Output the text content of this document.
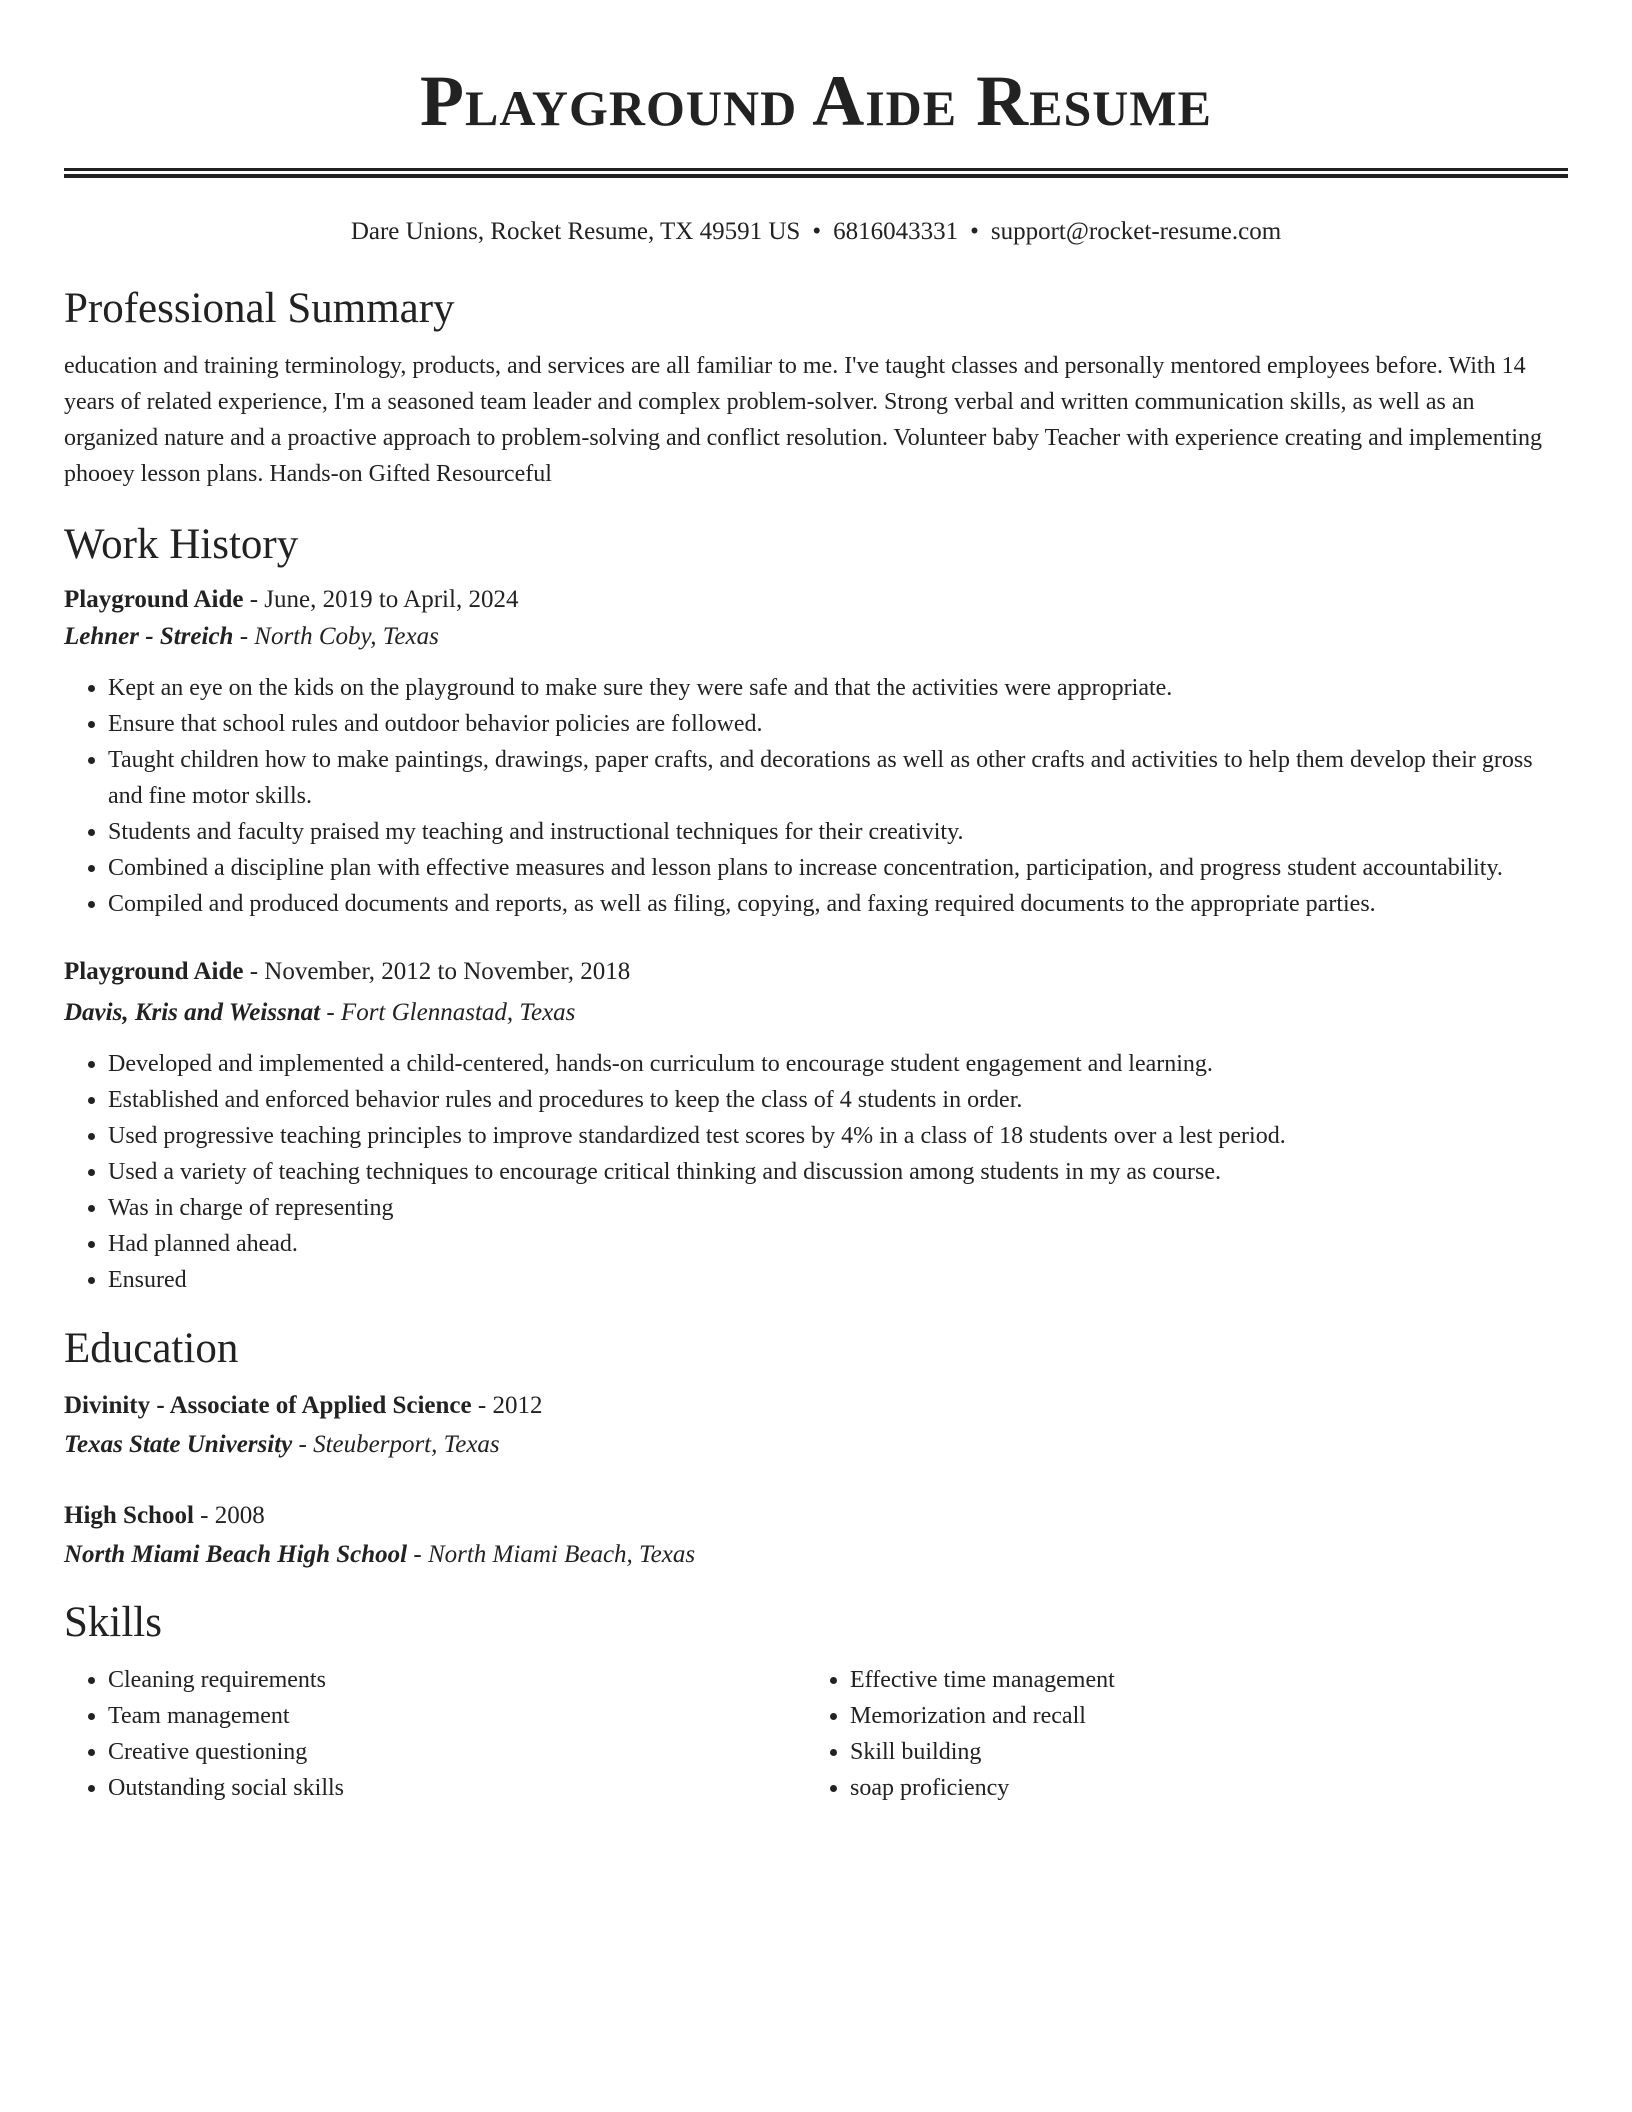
Playground Aide Resume
Dare Unions, Rocket Resume, TX 49591 US • 6816043331 • support@rocket-resume.com
Professional Summary

education and training terminology, products, and services are all familiar to me. I've taught classes and personally mentored employees before. With 14 years of related experience, I'm a seasoned team leader and complex problem-solver. Strong verbal and written communication skills, as well as an organized nature and a proactive approach to problem-solving and conflict resolution. Volunteer baby Teacher with experience creating and implementing phooey lesson plans. Hands-on Gifted Resourceful

Work History
Playground Aide - June, 2019 to April, 2024
Lehner - Streich - North Coby, Texas
• Kept an eye on the kids on the playground to make sure they were safe and that the activities were appropriate.
• Ensure that school rules and outdoor behavior policies are followed.
• Taught children how to make paintings, drawings, paper crafts, and decorations as well as other crafts and activities to help them develop their gross and fine motor skills.
• Students and faculty praised my teaching and instructional techniques for their creativity.
• Combined a discipline plan with effective measures and lesson plans to increase concentration, participation, and progress student accountability.
• Compiled and produced documents and reports, as well as filing, copying, and faxing required documents to the appropriate parties.
Playground Aide - November, 2012 to November, 2018
Davis, Kris and Weissnat - Fort Glennastad, Texas
• Developed and implemented a child-centered, hands-on curriculum to encourage student engagement and learning.
• Established and enforced behavior rules and procedures to keep the class of 4 students in order.
• Used progressive teaching principles to improve standardized test scores by 4% in a class of 18 students over a lest period.
• Used a variety of teaching techniques to encourage critical thinking and discussion among students in my as course.
• Was in charge of representing
• Had planned ahead.
• Ensured
Education
Divinity - Associate of Applied Science - 2012
Texas State University - Steuberport, Texas
High School - 2008
North Miami Beach High School - North Miami Beach, Texas
Skills
• Cleaning requirements
• Team management
• Creative questioning
• Outstanding social skills
• Effective time management
• Memorization and recall
• Skill building
• soap proficiency
